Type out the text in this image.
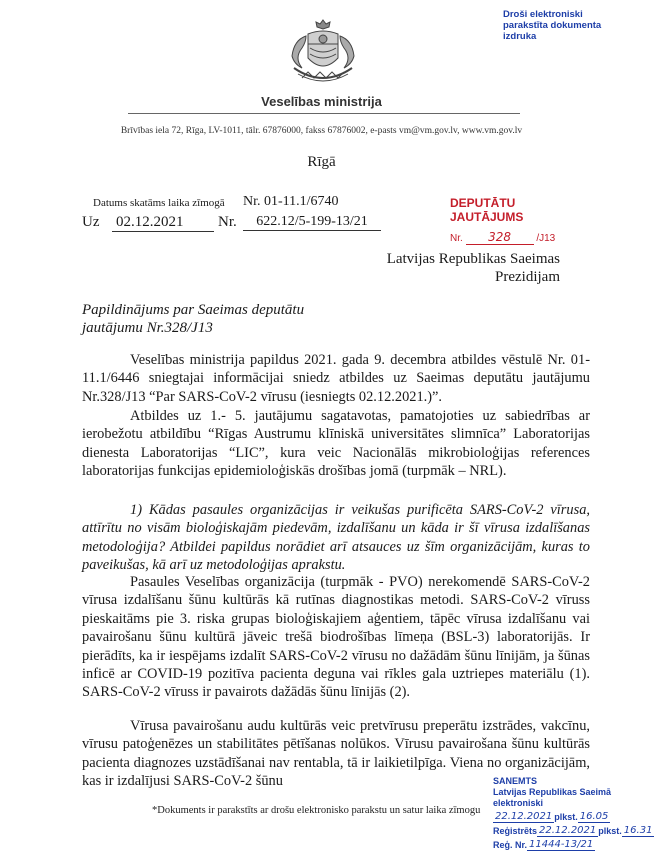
Veselības ministrija
Brīvības iela 72, Rīga, LV-1011, tālr. 67876000, fakss 67876002, e-pasts vm@vm.gov.lv, www.vm.gov.lv
Rīgā
Droši elektroniski parakstīta dokumenta izdruka
Datums skatāms laika zīmogā Nr. 01-11.1/6740
Uz 02.12.2021	Nr.	622.12/5-199-13/21
DEPUTĀTU JAUTĀJUMS
Nr. 328	/J13
Latvijas Republikas Saeimas
Prezidijam
Papildinājums par Saeimas deputātu
jautājumu Nr.328/J13
Veselības ministrija papildus 2021. gada 9. decembra atbildes vēstulē Nr. 01-11.1/6446 sniegtajai informācijai sniedz atbildes uz Saeimas deputātu jautājumu Nr.328/J13 “Par SARS-CoV-2 vīrusu (iesniegts 02.12.2021.)”.
Atbildes uz 1.- 5. jautājumu sagatavotas, pamatojoties uz sabiedrības ar ierobežotu atbildību “Rīgas Austrumu klīniskā universitātes slimnīca” Laboratorijas dienesta Laboratorijas “LIC”, kura veic Nacionālās mikrobioloģijas references laboratorijas funkcijas epidemioloģiskās drošības jomā (turpmāk – NRL).
1) Kādas pasaules organizācijas ir veikušas purificēta SARS-CoV-2 vīrusa, attīrītu no visām bioloģiskajām piedevām, izdalīšanu un kāda ir šī vīrusa izdalīšanas metodoloģija? Atbildei papildus norādiet arī atsauces uz šīm organizācijām, kuras to paveikušas, kā arī uz metodoloģijas aprakstu.
Pasaules Veselības organizācija (turpmāk - PVO) nerekomendē SARS-CoV-2 vīrusa izdalīšanu šūnu kultūrās kā rutīnas diagnostikas metodi. SARS-CoV-2 vīruss pieskaitāms pie 3. riska grupas bioloģiskajiem aģentiem, tāpēc vīrusa izdalīšanu vai pavairošanu šūnu kultūrā jāveic trešā biodrošības līmeņa (BSL-3) laboratorijās. Ir pierādīts, ka ir iespējams izdalīt SARS-CoV-2 vīrusu no dažādām šūnu līnijām, ja šūnas inficē ar COVID-19 pozitīva pacienta deguna vai rīkles gala uztriepes materiālu (1). SARS-CoV-2 vīruss ir pavairots dažādās šūnu līnijās (2).
Vīrusa pavairošanu audu kultūrās veic pretvīrusu preperātu izstrādes, vakcīnu, vīrusu patoģenēzes un stabilitātes pētīšanas nolūkos. Vīrusu pavairošana šūnu kultūrās pacienta diagnozes uzstādīšanai nav rentabla, tā ir laikietilpīga. Viena no organizācijām, kas ir izdalījusi SARS-CoV-2 šūnu
*Dokuments ir parakstīts ar drošu elektronisko parakstu un satur laika zīmogu
SANEMTS
Latvijas Republikas Saeimā elektroniski
22.12.2021 plkst. 16.05
Reģistrēts 22.12.2021 plkst. 16.31
Reģ. Nr. 11444-13/21
